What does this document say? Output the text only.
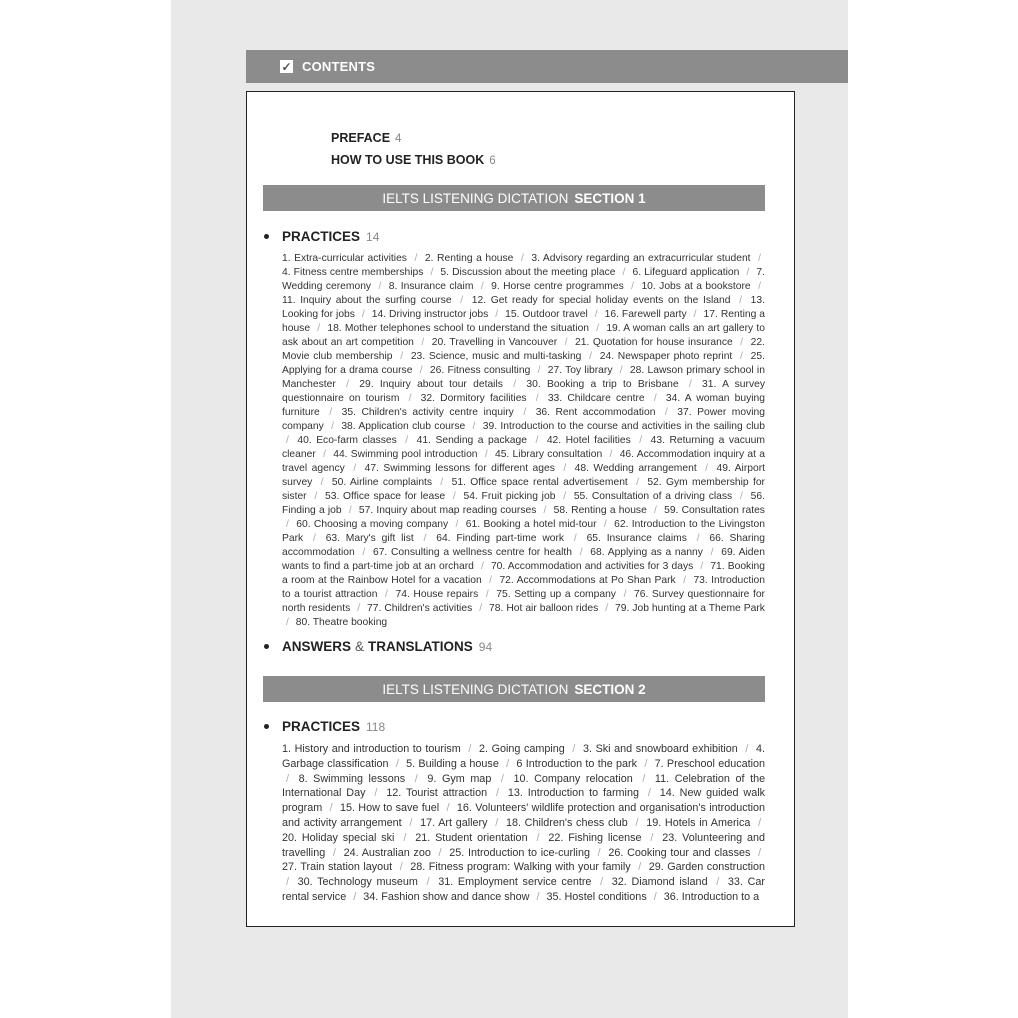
✓ CONTENTS
PREFACE 4
HOW TO USE THIS BOOK 6
IELTS LISTENING DICTATION SECTION 1
PRACTICES 14
1. Extra-curricular activities / 2. Renting a house / 3. Advisory regarding an extracurricular student / 4. Fitness centre memberships / 5. Discussion about the meeting place / 6. Lifeguard application / 7. Wedding ceremony / 8. Insurance claim / 9. Horse centre programmes / 10. Jobs at a bookstore / 11. Inquiry about the surfing course / 12. Get ready for special holiday events on the Island / 13. Looking for jobs / 14. Driving instructor jobs / 15. Outdoor travel / 16. Farewell party / 17. Renting a house / 18. Mother telephones school to understand the situation / 19. A woman calls an art gallery to ask about an art competition / 20. Travelling in Vancouver / 21. Quotation for house insurance / 22. Movie club membership / 23. Science, music and multi-tasking / 24. Newspaper photo reprint / 25. Applying for a drama course / 26. Fitness consulting / 27. Toy library / 28. Lawson primary school in Manchester / 29. Inquiry about tour details / 30. Booking a trip to Brisbane / 31. A survey questionnaire on tourism / 32. Dormitory facilities / 33. Childcare centre / 34. A woman buying furniture / 35. Children's activity centre inquiry / 36. Rent accommodation / 37. Power moving company / 38. Application club course / 39. Introduction to the course and activities in the sailing club / 40. Eco-farm classes / 41. Sending a package / 42. Hotel facilities / 43. Returning a vacuum cleaner / 44. Swimming pool introduction / 45. Library consultation / 46. Accommodation inquiry at a travel agency / 47. Swimming lessons for different ages / 48. Wedding arrangement / 49. Airport survey / 50. Airline complaints / 51. Office space rental advertisement / 52. Gym membership for sister / 53. Office space for lease / 54. Fruit picking job / 55. Consultation of a driving class / 56. Finding a job / 57. Inquiry about map reading courses / 58. Renting a house / 59. Consultation rates / 60. Choosing a moving company / 61. Booking a hotel mid-tour / 62. Introduction to the Livingston Park / 63. Mary's gift list / 64. Finding part-time work / 65. Insurance claims / 66. Sharing accommodation / 67. Consulting a wellness centre for health / 68. Applying as a nanny / 69. Aiden wants to find a part-time job at an orchard / 70. Accommodation and activities for 3 days / 71. Booking a room at the Rainbow Hotel for a vacation / 72. Accommodations at Po Shan Park / 73. Introduction to a tourist attraction / 74. House repairs / 75. Setting up a company / 76. Survey questionnaire for north residents / 77. Children's activities / 78. Hot air balloon rides / 79. Job hunting at a Theme Park / 80. Theatre booking
ANSWERS & TRANSLATIONS 94
IELTS LISTENING DICTATION SECTION 2
PRACTICES 118
1. History and introduction to tourism / 2. Going camping / 3. Ski and snowboard exhibition / 4. Garbage classification / 5. Building a house / 6 Introduction to the park / 7. Preschool education / 8. Swimming lessons / 9. Gym map / 10. Company relocation / 11. Celebration of the International Day / 12. Tourist attraction / 13. Introduction to farming / 14. New guided walk program / 15. How to save fuel / 16. Volunteers' wildlife protection and organisation's introduction and activity arrangement / 17. Art gallery / 18. Children's chess club / 19. Hotels in America / 20. Holiday special ski / 21. Student orientation / 22. Fishing license / 23. Volunteering and travelling / 24. Australian zoo / 25. Introduction to ice-curling / 26. Cooking tour and classes / 27. Train station layout / 28. Fitness program: Walking with your family / 29. Garden construction / 30. Technology museum / 31. Employment service centre / 32. Diamond island / 33. Car rental service / 34. Fashion show and dance show / 35. Hostel conditions / 36. Introduction to a
